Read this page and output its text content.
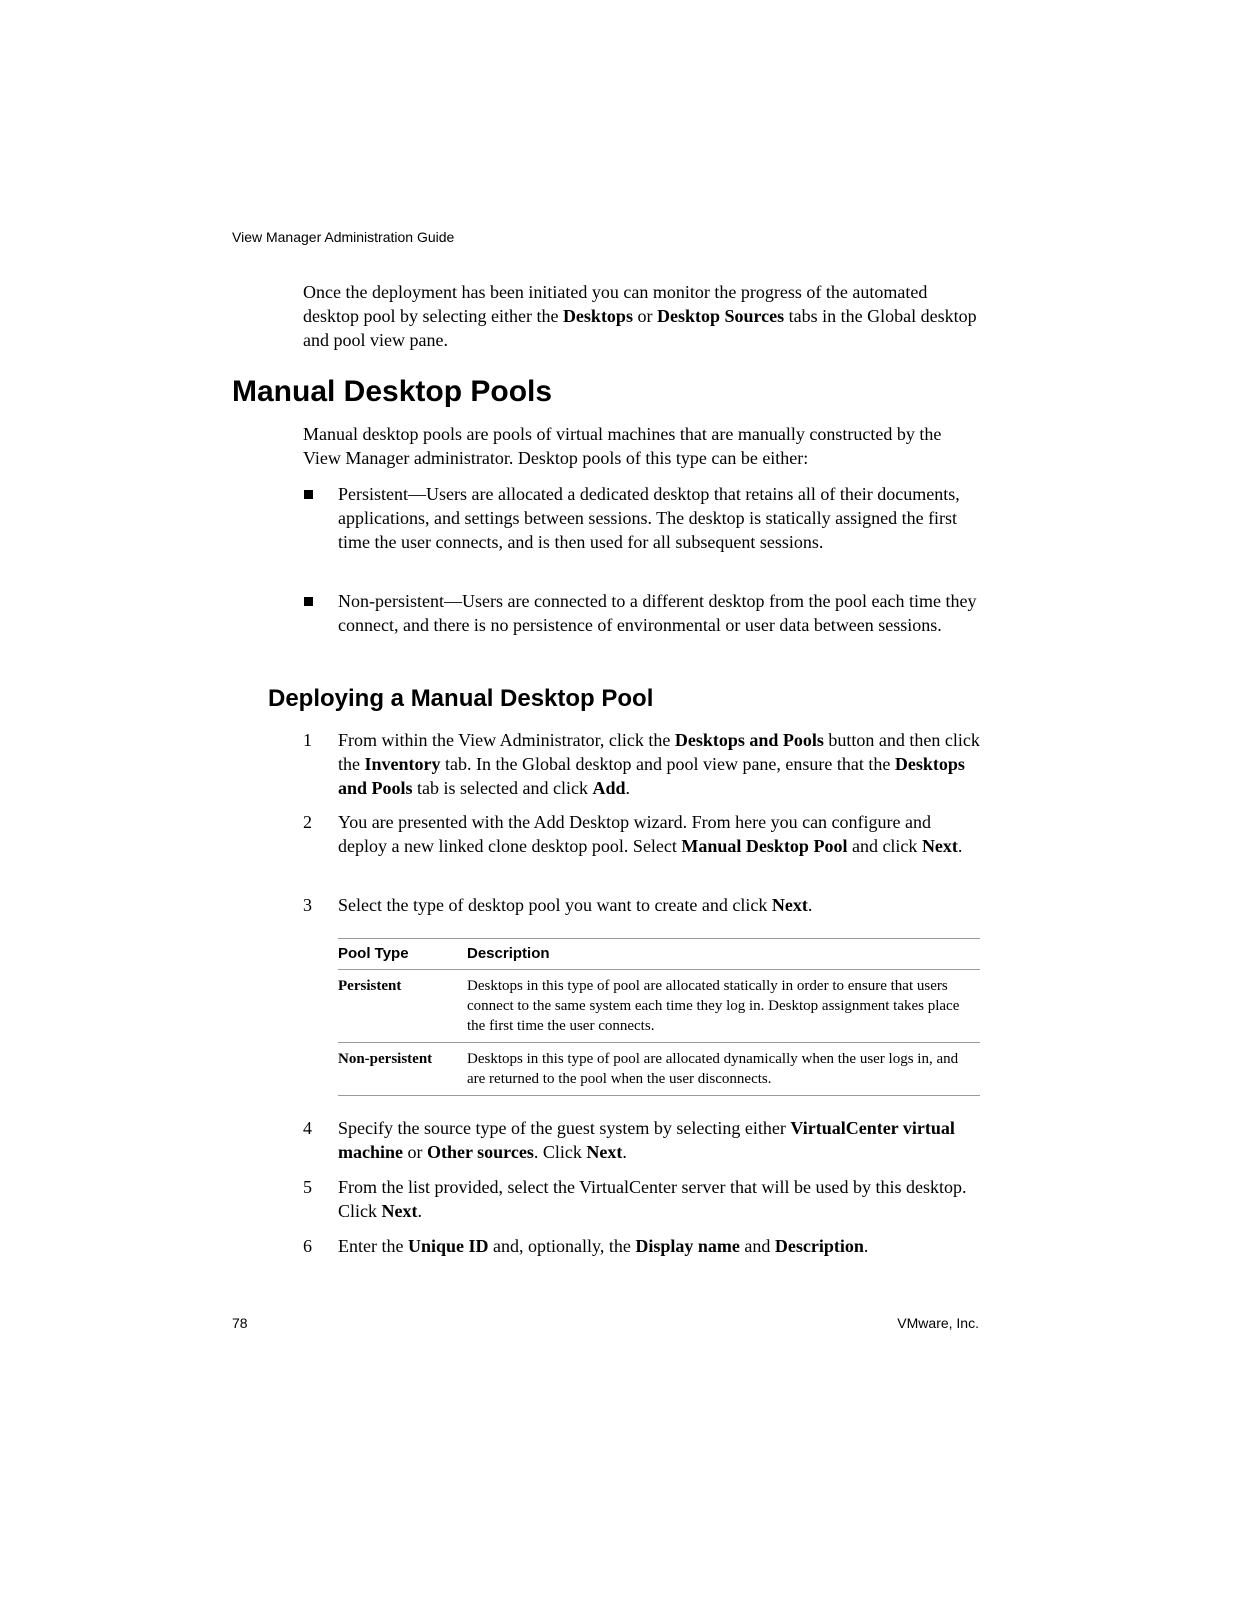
View Manager Administration Guide
Once the deployment has been initiated you can monitor the progress of the automated desktop pool by selecting either the Desktops or Desktop Sources tabs in the Global desktop and pool view pane.
Manual Desktop Pools
Manual desktop pools are pools of virtual machines that are manually constructed by the View Manager administrator. Desktop pools of this type can be either:
Persistent—Users are allocated a dedicated desktop that retains all of their documents, applications, and settings between sessions. The desktop is statically assigned the first time the user connects, and is then used for all subsequent sessions.
Non-persistent—Users are connected to a different desktop from the pool each time they connect, and there is no persistence of environmental or user data between sessions.
Deploying a Manual Desktop Pool
1 From within the View Administrator, click the Desktops and Pools button and then click the Inventory tab. In the Global desktop and pool view pane, ensure that the Desktops and Pools tab is selected and click Add.
2 You are presented with the Add Desktop wizard. From here you can configure and deploy a new linked clone desktop pool. Select Manual Desktop Pool and click Next.
3 Select the type of desktop pool you want to create and click Next.
Pool Type	Description
Persistent	Desktops in this type of pool are allocated statically in order to ensure that users connect to the same system each time they log in. Desktop assignment takes place the first time the user connects.
Non-persistent	Desktops in this type of pool are allocated dynamically when the user logs in, and are returned to the pool when the user disconnects.
4 Specify the source type of the guest system by selecting either VirtualCenter virtual machine or Other sources. Click Next.
5 From the list provided, select the VirtualCenter server that will be used by this desktop. Click Next.
6 Enter the Unique ID and, optionally, the Display name and Description.
78	VMware, Inc.
